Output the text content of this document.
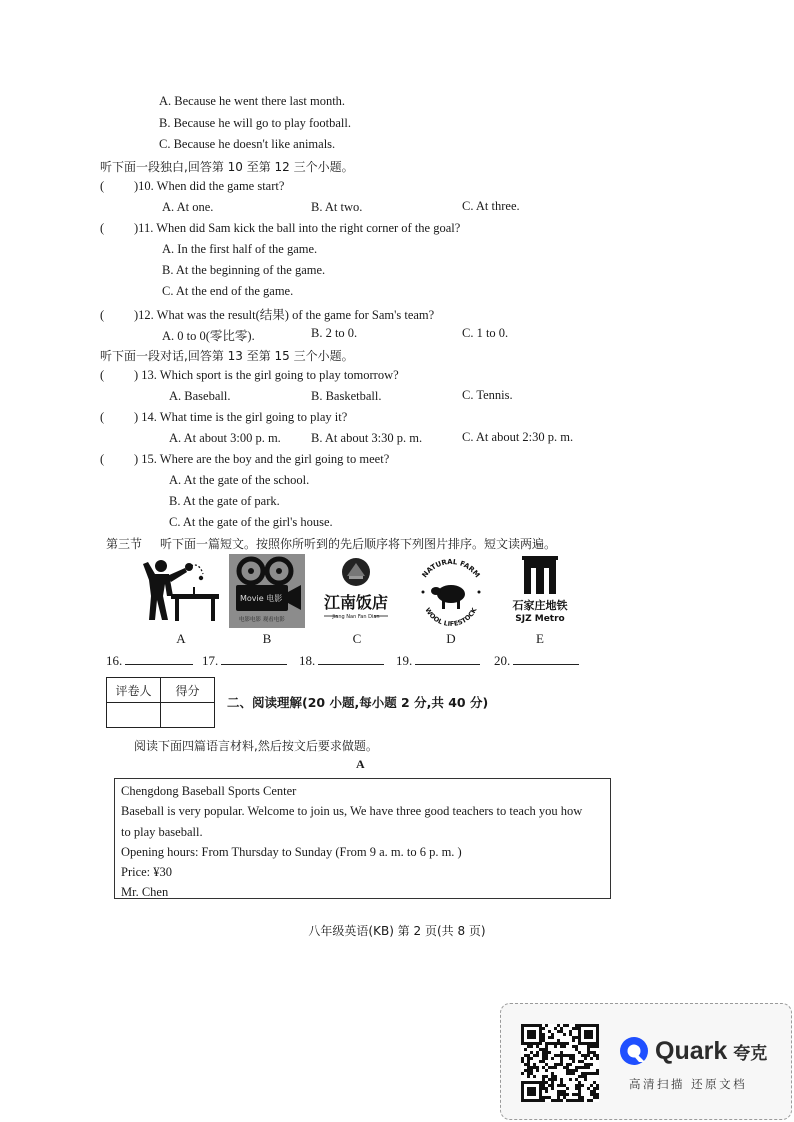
A. Because he went there last month.
B. Because he will go to play football.
C. Because he doesn't like animals.
听下面一段独白,回答第 10 至第 12 三个小题。
( )10. When did the game start?
A. At one.	B. At two.	C. At three.
( )11. When did Sam kick the ball into the right corner of the goal?
A. In the first half of the game.
B. At the beginning of the game.
C. At the end of the game.
( )12. What was the result(结果) of the game for Sam's team?
A. 0 to 0(零比零).	B. 2 to 0.	C. 1 to 0.
听下面一段对话,回答第 13 至第 15 三个小题。
( ) 13. Which sport is the girl going to play tomorrow?
A. Baseball.	B. Basketball.	C. Tennis.
( ) 14. What time is the girl going to play it?
A. At about 3:00 p. m. B. At about 3:30 p. m.	C. At about 2:30 p. m.
( ) 15. Where are the boy and the girl going to meet?
A. At the gate of the school.
B. At the gate of park.
C. At the gate of the girl's house.
第三节 听下面一篇短文。按照你所听到的先后顺序将下列图片排序。短文读两遍。
A
Movie 电影
电影电影 观看电影
B
江南饭店
Jiang Nan Fan Dian
C
NATURAL FARM
WOOL LIFESTOCK
D
石家庄地铁
SJZ Metro
E
16.	17.	18.	19.	20.
评卷人	得分

二、阅读理解(20 小题,每小题 2 分,共 40 分)
阅读下面四篇语言材料,然后按文后要求做题。
A
Chengdong Baseball Sports Center
Baseball is very popular. Welcome to join us, We have three good teachers to teach you how
to play baseball.
Opening hours: From Thursday to Sunday (From 9 a. m. to 6 p. m. )
Price: ¥30
Mr. Chen
八年级英语(KB) 第 2 页(共 8 页)
Quark 夸克
高清扫描 还原文档
